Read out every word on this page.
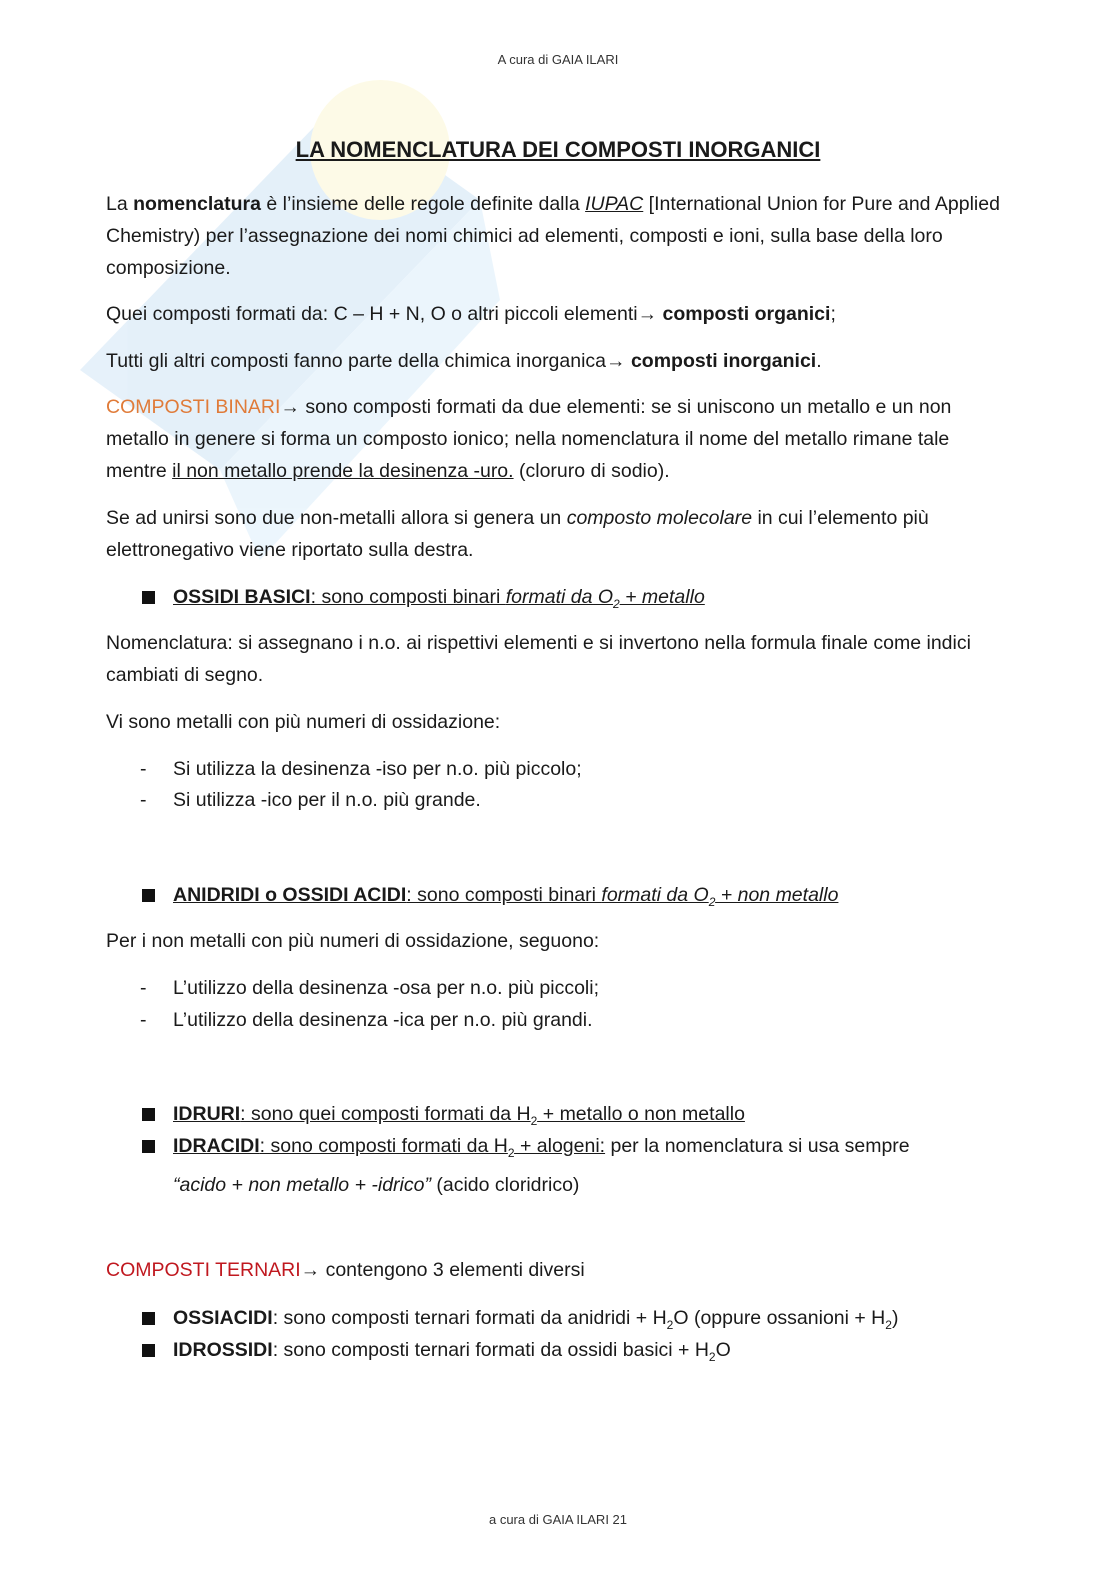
A cura di GAIA ILARI
LA NOMENCLATURA DEI COMPOSTI INORGANICI
La nomenclatura è l’insieme delle regole definite dalla IUPAC [International Union for Pure and Applied Chemistry) per l’assegnazione dei nomi chimici ad elementi, composti e ioni, sulla base della loro composizione.
Quei composti formati da: C – H + N, O o altri piccoli elementi→ composti organici;
Tutti gli altri composti fanno parte della chimica inorganica→ composti inorganici.
COMPOSTI BINARI→ sono composti formati da due elementi: se si uniscono un metallo e un non metallo in genere si forma un composto ionico; nella nomenclatura il nome del metallo rimane tale mentre il non metallo prende la desinenza -uro. (cloruro di sodio).
Se ad unirsi sono due non-metalli allora si genera un composto molecolare in cui l’elemento più elettronegativo viene riportato sulla destra.
OSSIDI BASICI: sono composti binari formati da $O_2$ + metallo
Nomenclatura: si assegnano i n.o. ai rispettivi elementi e si invertono nella formula finale come indici cambiati di segno.
Vi sono metalli con più numeri di ossidazione:
- Si utilizza la desinenza -iso per n.o. più piccolo;
- Si utilizza -ico per il n.o. più grande.
ANIDRIDI o OSSIDI ACIDI: sono composti binari formati da $O_2$ + non metallo
Per i non metalli con più numeri di ossidazione, seguono:
- L’utilizzo della desinenza -osa per n.o. più piccoli;
- L’utilizzo della desinenza -ica per n.o. più grandi.
IDRURI: sono quei composti formati da $H_2$ + metallo o non metallo
IDRACIDI: sono composti formati da $H_2$ + alogeni: per la nomenclatura si usa sempre
“acido + non metallo + -idrico” (acido cloridrico)
COMPOSTI TERNARI→ contengono 3 elementi diversi
OSSIACIDI: sono composti ternari formati da anidridi + $H_2O$ (oppure ossanioni + $H_2$)
IDROSSIDI: sono composti ternari formati da ossidi basici + $H_2O$
a cura di GAIA ILARI 21
